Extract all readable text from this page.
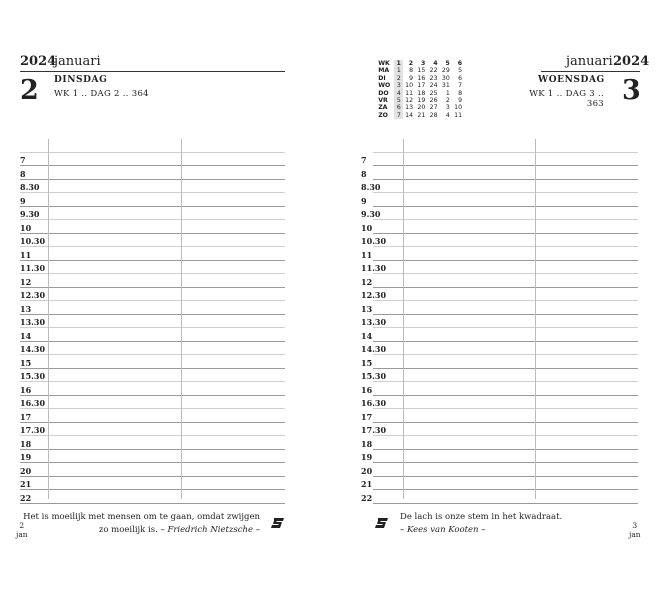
2024
januari
2 DINSDAG
WK 1 .. DAG 2 .. 364
7
8
8.30
9
9.30
10
10.30
11
11.30
12
12.30
13
13.30
14
14.30
15
15.30
16
16.30
17
17.30
18
19
20
21
22
Het is moeilijk met mensen om te gaan, omdat zwijgen
zo moeilijk is. – Friedrich Nietzsche –
2
jan
WK	1	2	3	4	5	6
MA	1	8	15	22	29	5
DI	2	9	16	23	30	6
WO	3	10	17	24	31	7
DO	4	11	18	25	1	8
VR	5	12	19	26	2	9
ZA	6	13	20	27	3	10
ZO	7	14	21	28	4	11
januari 2024
WOENSDAG
WK 1 .. DAG 3 .. 363 3
7
8
8.30
9
9.30
10
10.30
11
11.30
12
12.30
13
13.30
14
14.30
15
15.30
16
16.30
17
17.30
18
19
20
21
22
De lach is onze stem in het kwadraat.
– Kees van Kooten –	3
jan
